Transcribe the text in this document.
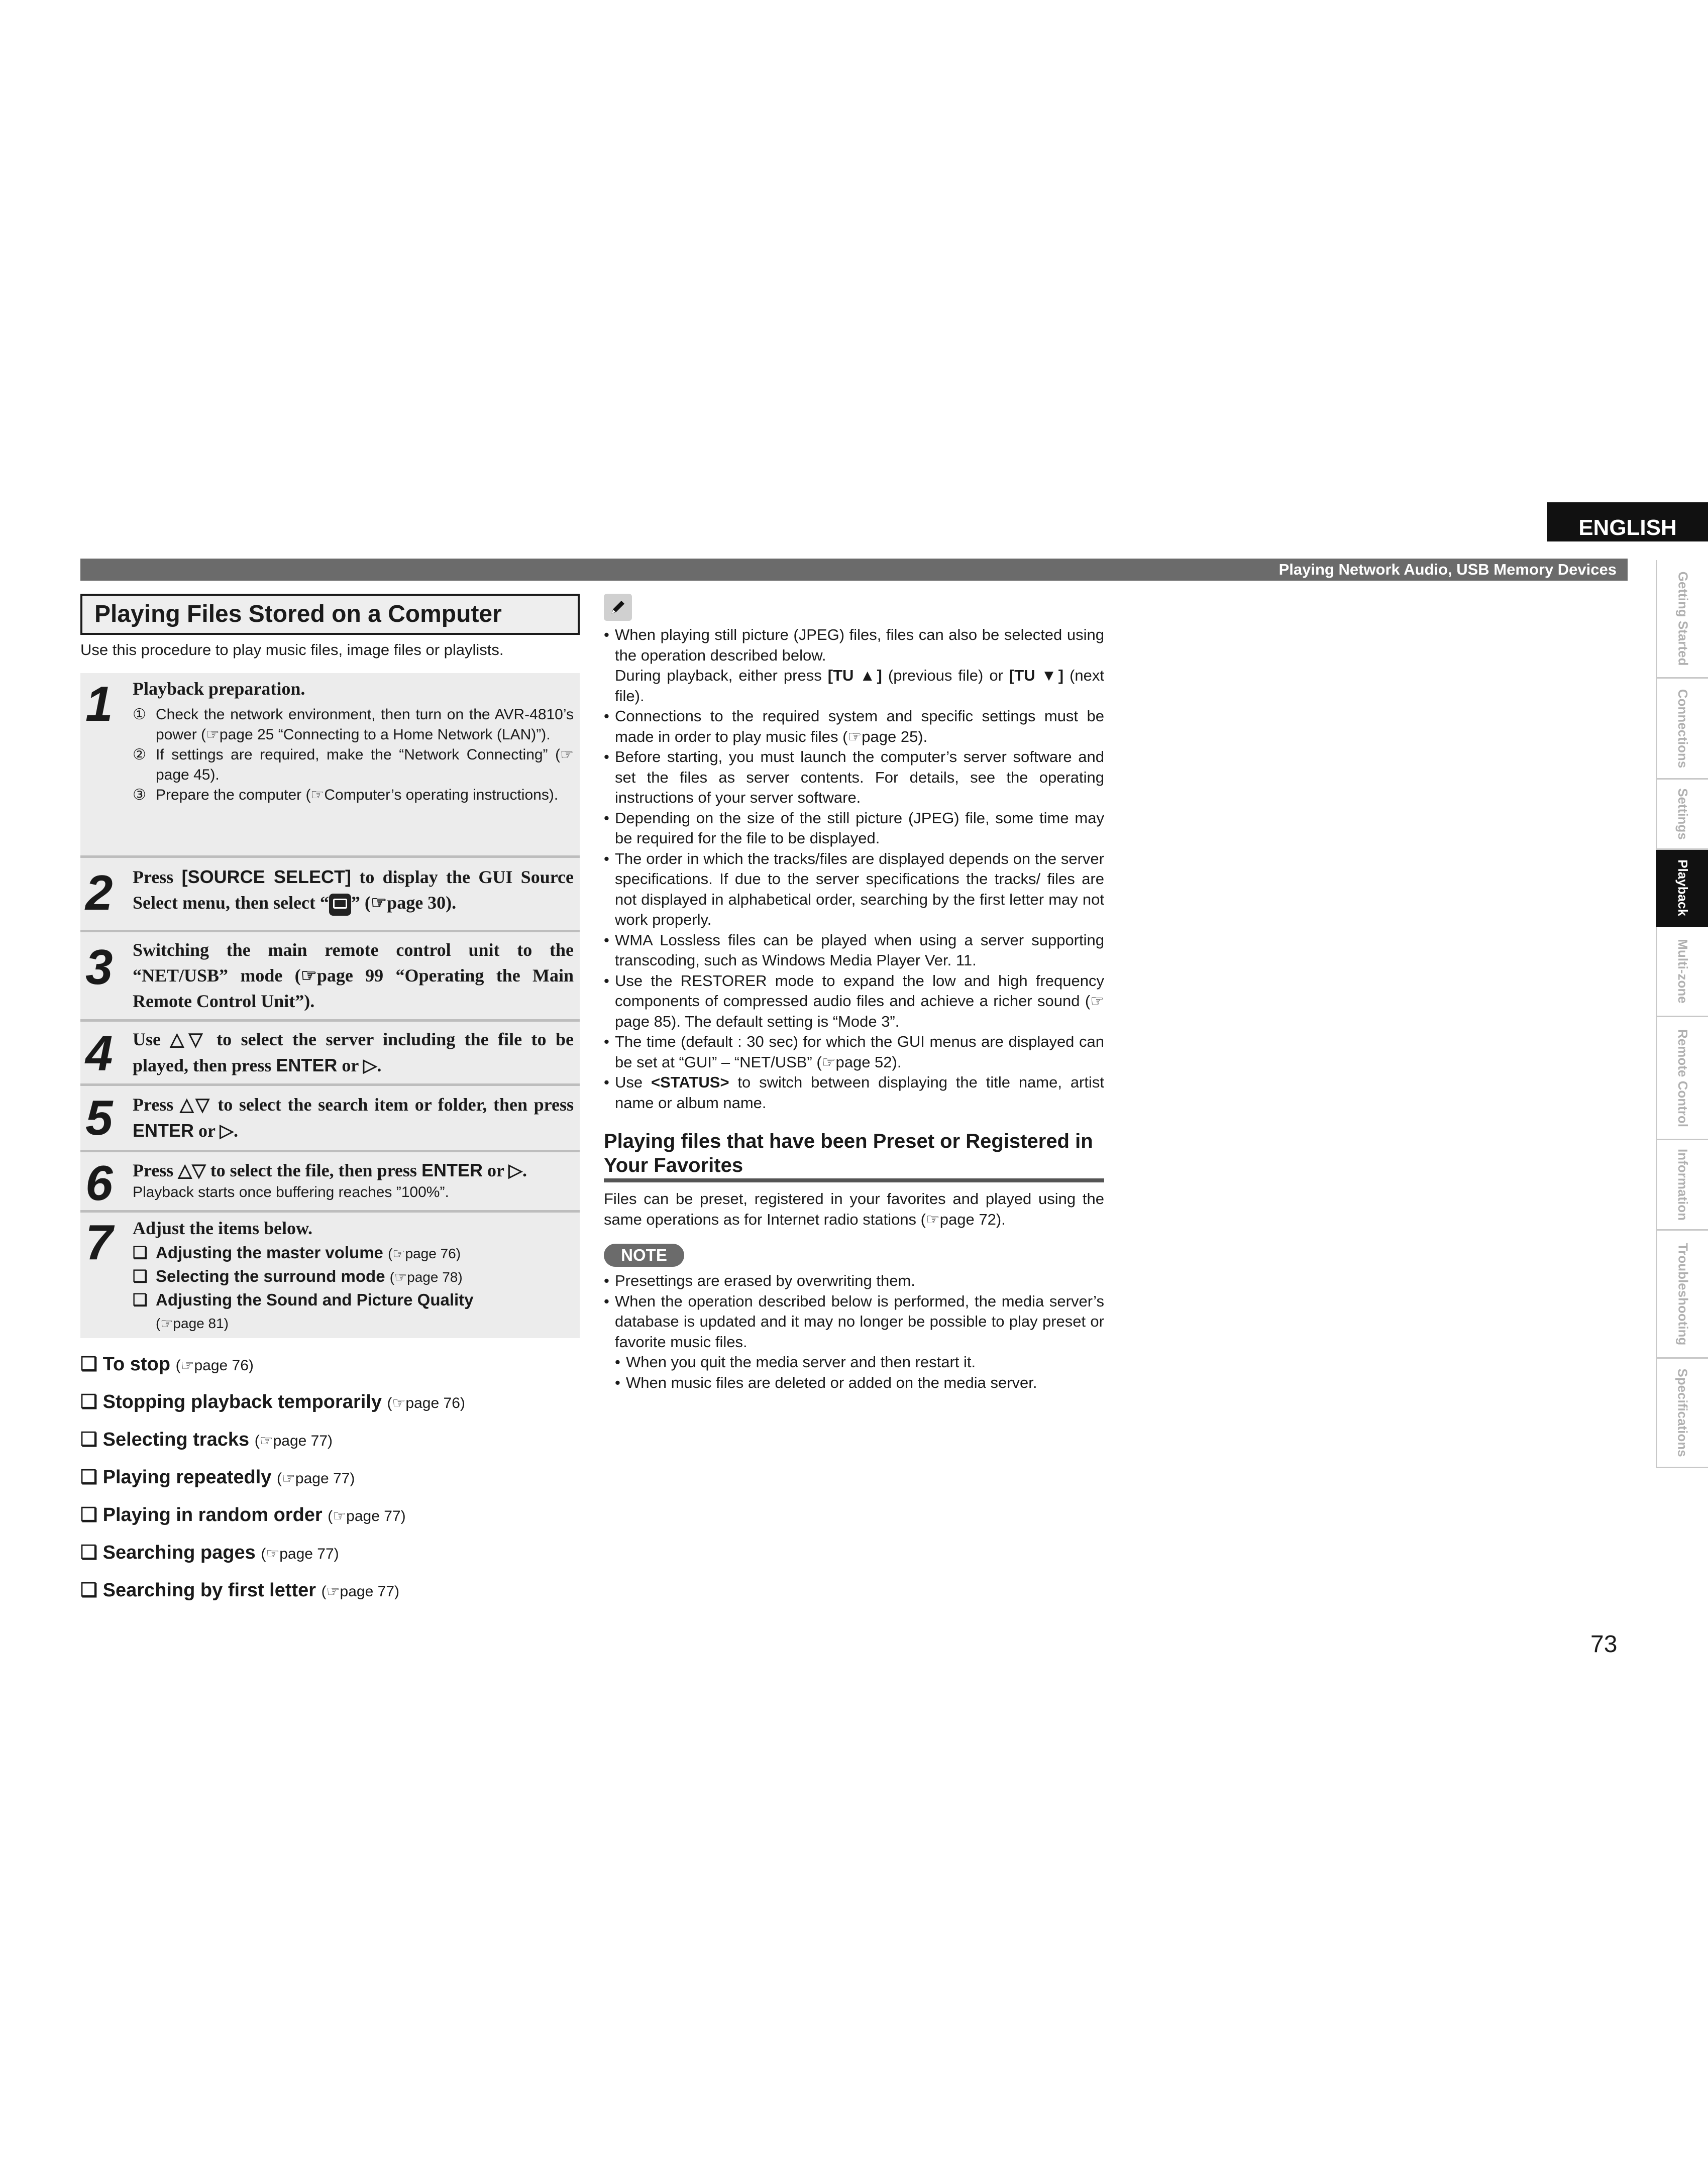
ENGLISH
Playing Network Audio, USB Memory Devices
Getting Started
Connections
Settings
Playback
Multi-zone
Remote Control
Information
Troubleshooting
Specifications
Playing Files Stored on a Computer
Use this procedure to play music files, image files or playlists.
1 Playback preparation.
① Check the network environment, then turn on the AVR-4810’s power (☞page 25 “Connecting to a Home Network (LAN)”).
② If settings are required, make the “Network Connecting” (☞page 45).
③ Prepare the computer (☞Computer’s operating instructions).
2 Press [SOURCE SELECT] to display the GUI Source Select menu, then select “ ” (☞page 30).
3 Switching the main remote control unit to the “NET/USB” mode (☞page 99 “Operating the Main Remote Control Unit”).
4 Use △▽ to select the server including the file to be played, then press ENTER or ▷.
5 Press △▽ to select the search item or folder, then press ENTER or ▷.
6 Press △▽ to select the file, then press ENTER or ▷.
Playback starts once buffering reaches ”100%”.
7 Adjust the items below.
❏ Adjusting the master volume (☞page 76)
❏ Selecting the surround mode (☞page 78)
❏ Adjusting the Sound and Picture Quality
(☞page 81)
❏ To stop (☞page 76)
❏ Stopping playback temporarily (☞page 76)
❏ Selecting tracks (☞page 77)
❏ Playing repeatedly (☞page 77)
❏ Playing in random order (☞page 77)
❏ Searching pages (☞page 77)
❏ Searching by first letter (☞page 77)
• When playing still picture (JPEG) files, files can also be selected using the operation described below.
During playback, either press [TU ▲] (previous file) or [TU ▼] (next file).
• Connections to the required system and specific settings must be made in order to play music files (☞page 25).
• Before starting, you must launch the computer’s server software and set the files as server contents. For details, see the operating instructions of your server software.
• Depending on the size of the still picture (JPEG) file, some time may be required for the file to be displayed.
• The order in which the tracks/files are displayed depends on the server specifications. If due to the server specifications the tracks/ files are not displayed in alphabetical order, searching by the first letter may not work properly.
• WMA Lossless files can be played when using a server supporting transcoding, such as Windows Media Player Ver. 11.
• Use the RESTORER mode to expand the low and high frequency components of compressed audio files and achieve a richer sound (☞page 85). The default setting is “Mode 3”.
• The time (default : 30 sec) for which the GUI menus are displayed can be set at “GUI” – “NET/USB” (☞page 52).
• Use <STATUS> to switch between displaying the title name, artist name or album name.
Playing files that have been Preset or Registered in Your Favorites
Files can be preset, registered in your favorites and played using the same operations as for Internet radio stations (☞page 72).
NOTE
• Presettings are erased by overwriting them.
• When the operation described below is performed, the media server’s database is updated and it may no longer be possible to play preset or favorite music files.
• When you quit the media server and then restart it.
• When music files are deleted or added on the media server.
73
